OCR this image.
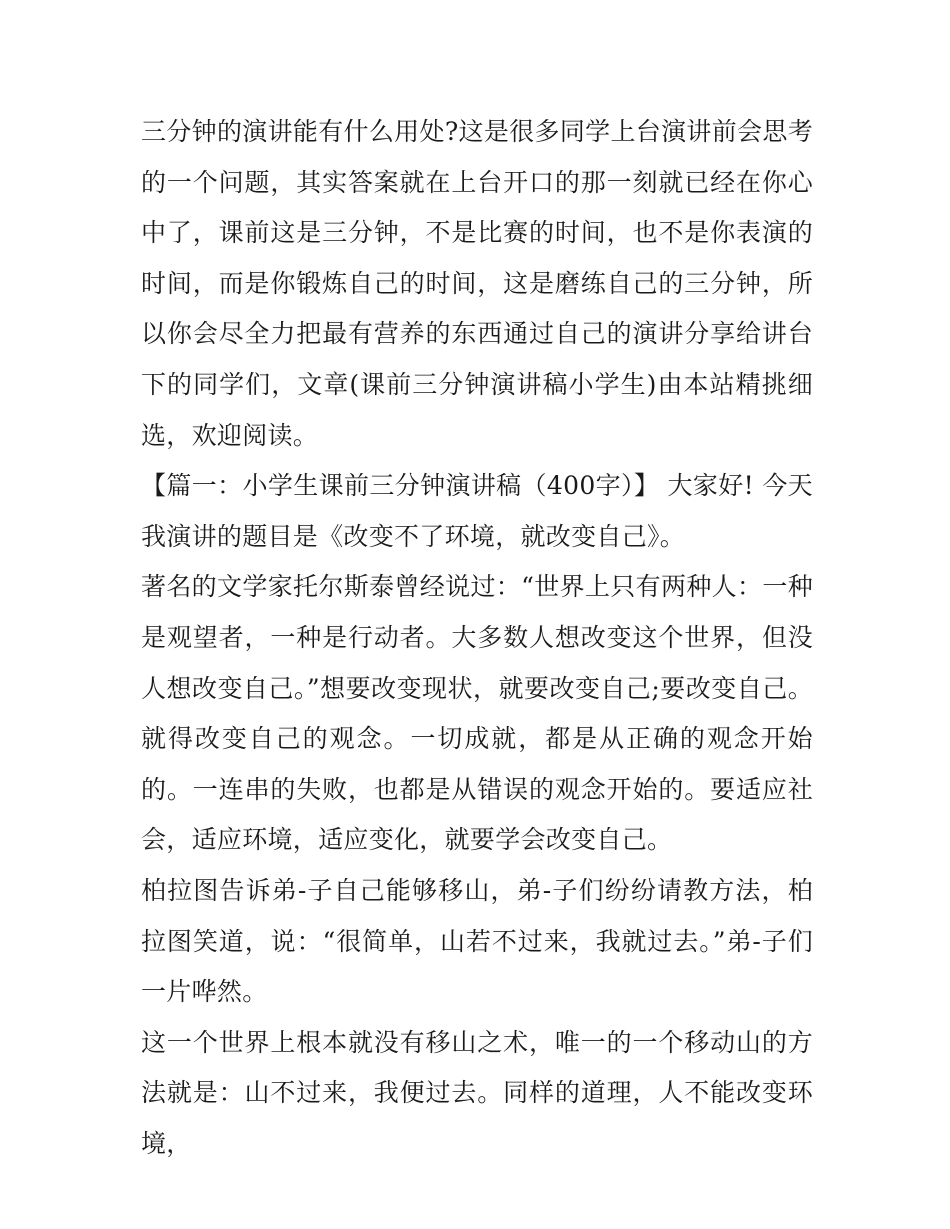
三分钟的演讲能有什么用处?这是很多同学上台演讲前会思考的一个问题，其实答案就在上台开口的那一刻就已经在你心中了，课前这是三分钟，不是比赛的时间，也不是你表演的时间，而是你锻炼自己的时间，这是磨练自己的三分钟，所以你会尽全力把最有营养的东西通过自己的演讲分享给讲台下的同学们，文章(课前三分钟演讲稿小学生)由本站精挑细选，欢迎阅读。

【篇一：小学生课前三分钟演讲稿（400字）】 大家好! 今天我演讲的题目是《改变不了环境，就改变自己》。

著名的文学家托尔斯泰曾经说过：“世界上只有两种人：一种是观望者，一种是行动者。大多数人想改变这个世界，但没人想改变自己。”想要改变现状，就要改变自己;要改变自己。就得改变自己的观念。一切成就，都是从正确的观念开始的。一连串的失败，也都是从错误的观念开始的。要适应社会，适应环境，适应变化，就要学会改变自己。

柏拉图告诉弟-子自己能够移山，弟-子们纷纷请教方法，柏拉图笑道，说：“很简单，山若不过来，我就过去。”弟-子们一片哗然。

这一个世界上根本就没有移山之术，唯一的一个移动山的方法就是：山不过来，我便过去。同样的道理，人不能改变环境，
